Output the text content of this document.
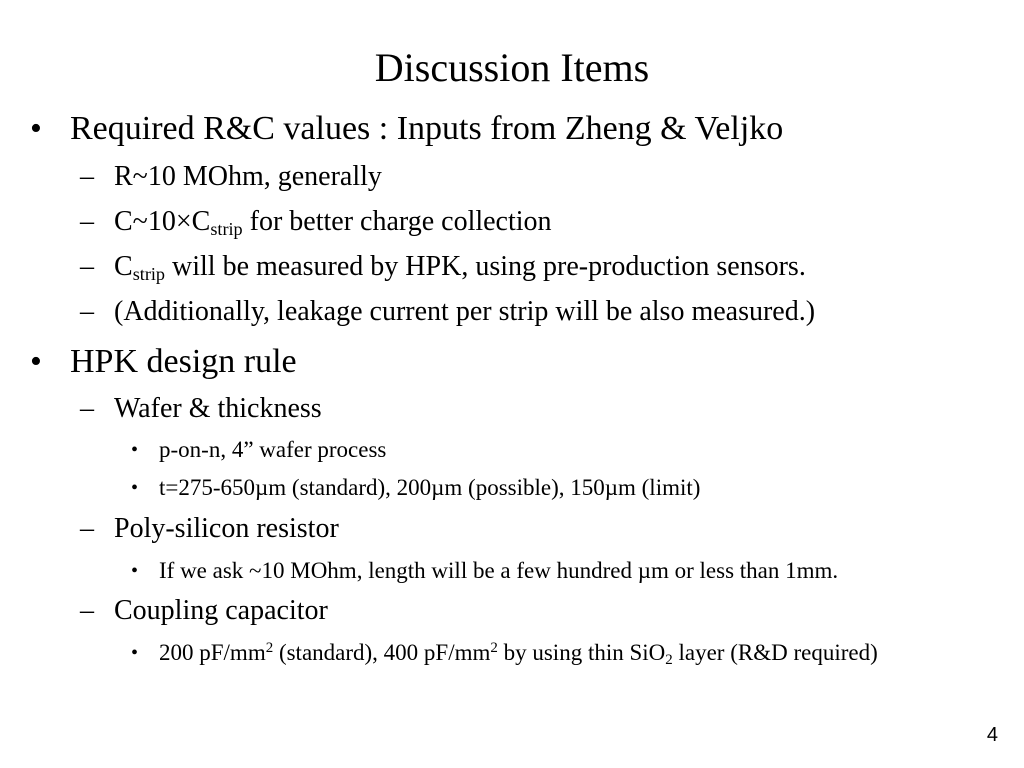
Discussion Items
• Required R&C values : Inputs from Zheng & Veljko
– R~10 MOhm, generally
– $C\sim 10\times C_{strip}$ for better charge collection
– $C_{strip}$ will be measured by HPK, using pre-production sensors.
– (Additionally, leakage current per strip will be also measured.)
• HPK design rule
– Wafer & thickness
• p-on-n, 4” wafer process
• t=275-650µm (standard), 200µm (possible), 150µm (limit)
– Poly-silicon resistor
• If we ask ~10 MOhm, length will be a few hundred µm or less than 1mm.
– Coupling capacitor
• 200 $pF/mm^2$ (standard), 400 $pF/mm^2$ by using thin SiO$_2$ layer (R&D required)
4
